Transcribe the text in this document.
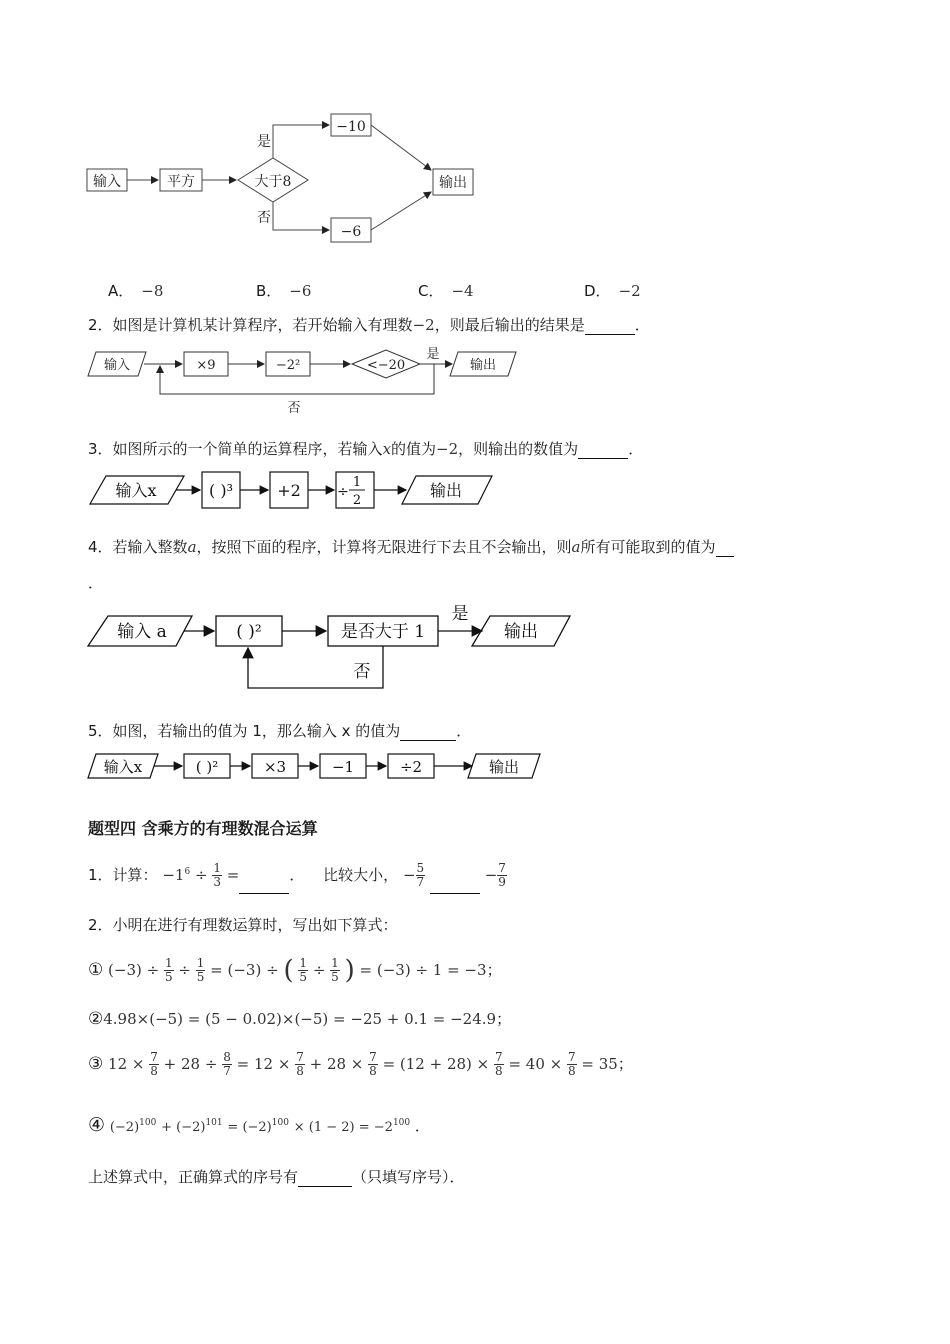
输入	平方	大于8
是
否
−10
−6
输出
A． −8	B． −6	C． −4	D． −2
2．如图是计算机某计算程序，若开始输入有理数−2，则最后输出的结果是	．
输入	×9	−2²	<−20
是
否
输出
3．如图所示的一个简单的运算程序，若输入x的值为−2，则输出的数值为	．
输入x	( )³	+2	÷
1
2
输出
4．若输入整数a，按照下面的程序，计算将无限进行下去且不会输出，则a所有可能取到的值为
．
输入 a	( )²	是否大于 1
是
否
输出
5．如图，若输出的值为 1，那么输入 x 的值为	．
输入x	( )²	×3	−1	÷2	输出
题型四 含乘方的有理数混合运算
1．计算： $-1^6 \div \frac{1}{3}$ =	． 比较大小， − $\frac{5}{7}$	− $\frac{7}{9}$
2．小明在进行有理数运算时，写出如下算式：
① $(-3) \div \frac{1}{5} \div \frac{1}{5} = (-3)$ ÷ ( $\frac{1}{5} \div \frac{1}{5}$ ) = (−3) ÷ 1 = −3；
②4.98×(−5) = (5 − 0.02)×(−5) = −25 + 0.1 = −24.9；
③ $12 \times \frac{7}{8} + 28 \div \frac{8}{7} = 12 \times \frac{7}{8} + 28 \times \frac{7}{8} = (12 + 28) \times \frac{7}{8} = 40 \times \frac{7}{8} = 35$；
④ $(-2)^{100} + (-2)^{101} = (-2)^{100} \times (1 - 2) = -2^{100}$ ．
上述算式中，正确算式的序号有	（只填写序号）．
